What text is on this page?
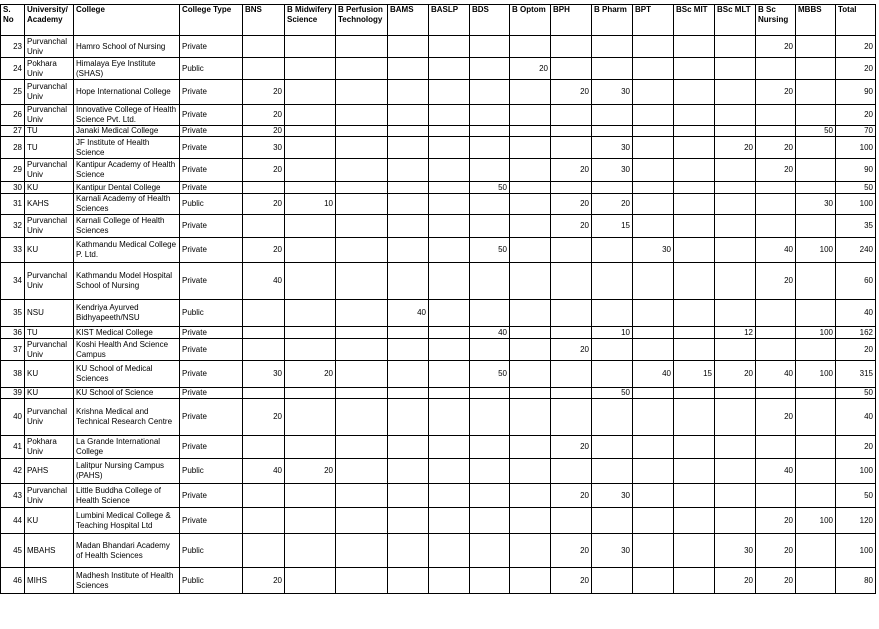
S. No	University/ Academy	College	College Type	BNS	B Midwifery Science	B Perfusion Technology	BAMS	BASLP	BDS	B Optom	BPH	B Pharm	BPT	BSc MIT	BSc MLT	B Sc Nursing	MBBS	Total
23	Purvanchal Univ	Hamro School of Nursing	Private													20		20
24	Pokhara Univ	Himalaya Eye Institute (SHAS)	Public							20								20
25	Purvanchal Univ	Hope International College	Private	20							20	30				20		90
26	Purvanchal Univ	Innovative College of Health Science Pvt. Ltd.	Private	20														20
27	TU	Janaki Medical College	Private	20													50	70
28	TU	JF Institute of Health Science	Private	30								30			20	20		100
29	Purvanchal Univ	Kantipur Academy of Health Science	Private	20							20	30				20		90
30	KU	Kantipur Dental College	Private						50									50
31	KAHS	Karnali Academy of Health Sciences	Public	20	10						20	20					30	100
32	Purvanchal Univ	Karnali College of Health Sciences	Private								20	15						35
33	KU	Kathmandu Medical College P. Ltd.	Private	20					50				30			40	100	240
34	Purvanchal Univ	Kathmandu Model Hospital School of Nursing	Private	40												20		60
35	NSU	Kendriya Ayurved Bidhyapeeth/NSU	Public				40											40
36	TU	KIST Medical College	Private						40			10			12		100	162
37	Purvanchal Univ	Koshi Health And Science Campus	Private								20							20
38	KU	KU School of Medical Sciences	Private	30	20				50				40	15	20	40	100	315
39	KU	KU School of Science	Private									50						50
40	Purvanchal Univ	Krishna Medical and Technical Research Centre	Private	20												20		40
41	Pokhara Univ	La Grande International College	Private								20							20
42	PAHS	Lalitpur Nursing Campus (PAHS)	Public	40	20											40		100
43	Purvanchal Univ	Little Buddha College of Health Science	Private								20	30						50
44	KU	Lumbini Medical College & Teaching Hospital Ltd	Private													20	100	120
45	MBAHS	Madan Bhandari Academy of Health Sciences	Public								20	30			30	20		100
46	MIHS	Madhesh Institute of Health Sciences	Public	20							20				20	20		80
